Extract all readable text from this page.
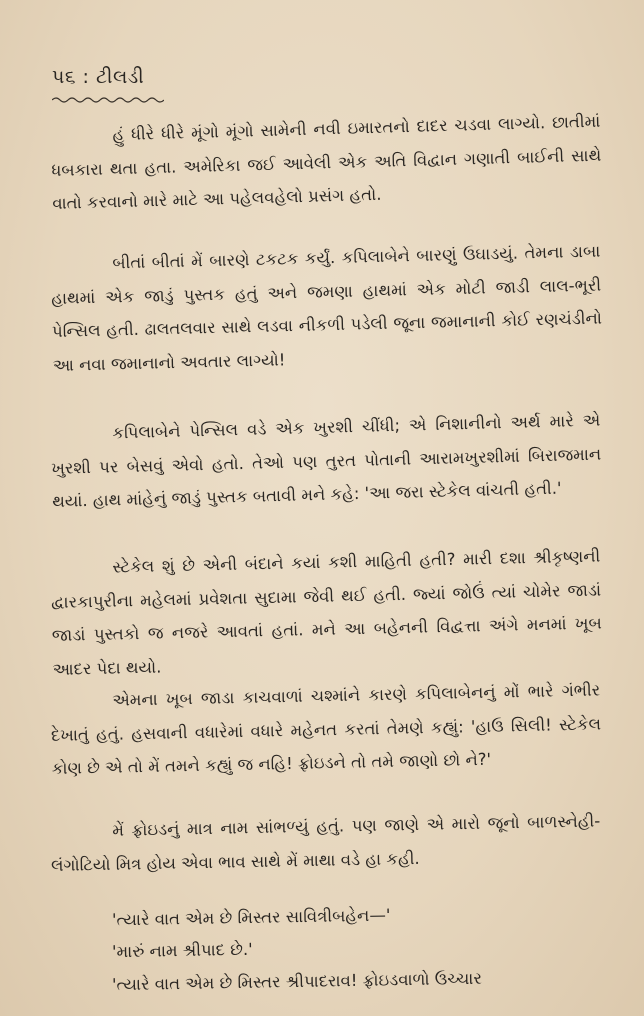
પ૬ : ટીલડી

હું ધીરે ધીરે મૂંગો મૂંગો સામેની નવી ઇમારતનો દાદર ચડવા લાગ્યો. છાતીમાં ધબકારા થતા હતા. અમેરિકા જઈ આવેલી એક અતિ વિદ્વાન ગણાતી બાઈની સાથે વાતો કરવાનો મારે માટે આ પહેલવહેલો પ્રસંગ હતો.

બીતાં બીતાં મેં બારણે ટકટક કર્યું. કપિલાબેને બારણું ઉઘાડયું. તેમના ડાબા હાથમાં એક જાડું પુસ્તક હતું અને જમણા હાથમાં એક મોટી જાડી લાલ-ભૂરી પેન્સિલ હતી. ઢાલતલવાર સાથે લડવા નીકળી પડેલી જૂના જમાનાની કોઈ રણચંડીનો આ નવા જમાનાનો અવતાર લાગ્યો!

કપિલાબેને પેન્સિલ વડે એક ખુરશી ચીંધી; એ નિશાનીનો અર્થ મારે એ ખુરશી પર બેસવું એવો હતો. તેઓ પણ તુરત પોતાની આરામખુરશીમાં બિરાજમાન થયાં. હાથ માંહેનું જાડું પુસ્તક બતાવી મને કહે: 'આ જરા સ્ટેકેલ વાંચતી હતી.'

સ્ટેકેલ શું છે એની બંદાને કયાં કશી માહિતી હતી? મારી દશા શ્રીકૃષ્ણની દ્વારકાપુરીના મહેલમાં પ્રવેશતા સુદામા જેવી થઈ હતી. જ્યાં જોઉં ત્યાં ચોમેર જાડાં જાડાં પુસ્તકો જ નજરે આવતાં હતાં. મને આ બહેનની વિદ્વત્તા અંગે મનમાં ખૂબ આદર પેદા થયો.

એમના ખૂબ જાડા કાચવાળાં ચશ્માંને કારણે કપિલાબેનનું મોં ભારે ગંભીર દેખાતું હતું. હસવાની વધારેમાં વધારે મહેનત કરતાં તેમણે કહ્યું: 'હાઉ સિલી! સ્ટેકેલ કોણ છે એ તો મેં તમને કહ્યું જ નહિ! ફ્રોઇડને તો તમે જાણો છો ને?'

મેં ફ્રોઇડનું માત્ર નામ સાંભળ્યું હતું. પણ જાણે એ મારો જૂનો બાળસ્નેહી-લંગોટિયો મિત્ર હોય એવા ભાવ સાથે મેં માથા વડે હા કહી.

'ત્યારે વાત એમ છે મિસ્તર સાવિત્રીબહેન—'
'મારું નામ શ્રીપાદ છે.'
'ત્યારે વાત એમ છે મિસ્તર શ્રીપાદરાવ! ફ્રોઇડવાળો ઉચ્ચાર
